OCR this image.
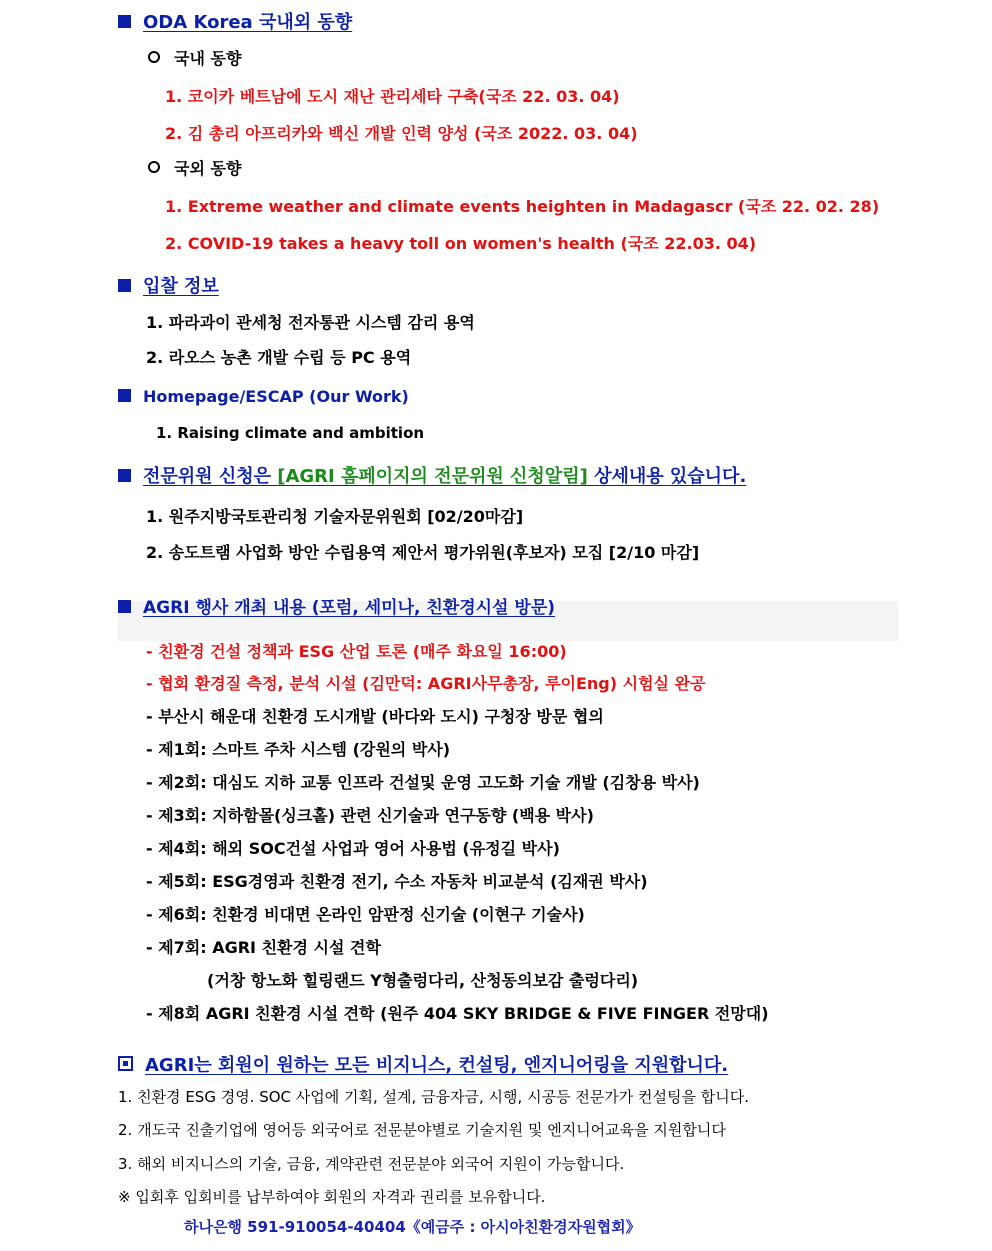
ODA Korea 국내외 동향
국내 동향
1. 코이카 베트남에 도시 재난 관리세타 구축(국조 22. 03. 04)
2. 김 총리 아프리카와 백신 개발 인력 양성 (국조 2022. 03. 04)
국외 동향
1. Extreme weather and climate events heighten in Madagascr (국조 22. 02. 28)
2. COVID-19 takes a heavy toll on women's health (국조 22.03. 04)
입찰 정보
1. 파라과이 관세청 전자통관 시스템 감리 용역
2. 라오스 농촌 개발 수립 등 PC 용역
Homepage/ESCAP (Our Work)
1. Raising climate and ambition
전문위원 신청은 [AGRI 홈페이지의 전문위원 신청알림] 상세내용 있습니다.
1. 원주지방국토관리청 기술자문위원회 [02/20마감]
2. 송도트램 사업화 방안 수립용역 제안서 평가위원(후보자) 모집 [2/10 마감]
AGRI 행사 개최 내용 (포럼, 세미나, 친환경시설 방문)
- 친환경 건설 정책과 ESG 산업 토론 (매주 화요일 16:00)
- 협회 환경질 측정, 분석 시설 (김만덕: AGRI사무총장, 루이Eng) 시험실 완공
- 부산시 해운대 친환경 도시개발 (바다와 도시) 구청장 방문 협의
- 제1회: 스마트 주차 시스템 (강원의 박사)
- 제2회: 대심도 지하 교통 인프라 건설및 운영 고도화 기술 개발 (김창용 박사)
- 제3회: 지하함몰(싱크홀) 관련 신기술과 연구동향 (백용 박사)
- 제4회: 해외 SOC건설 사업과 영어 사용법 (유정길 박사)
- 제5회: ESG경영과 친환경 전기, 수소 자동차 비교분석 (김재권 박사)
- 제6회: 친환경 비대면 온라인 암판정 신기술 (이현구 기술사)
- 제7회: AGRI 친환경 시설 견학
(거창 항노화 힐링랜드 Y형출렁다리, 산청동의보감 출렁다리)
- 제8회 AGRI 친환경 시설 견학 (원주 404 SKY BRIDGE & FIVE FINGER 전망대)
AGRI는 회원이 원하는 모든 비지니스, 컨설팅, 엔지니어링을 지원합니다.
1. 친환경 ESG 경영. SOC 사업에 기획, 설계, 금융자금, 시행, 시공등 전문가가 컨설팅을 합니다.
2. 개도국 진출기업에 영어등 외국어로 전문분야별로 기술지원 및 엔지니어교육을 지원합니다
3. 해외 비지니스의 기술, 금융, 계약관련 전문분야 외국어 지원이 가능합니다.
※ 입회후 입회비를 납부하여야 회원의 자격과 권리를 보유합니다.
하나은행 591-910054-40404《예금주 : 아시아친환경자원협회》
